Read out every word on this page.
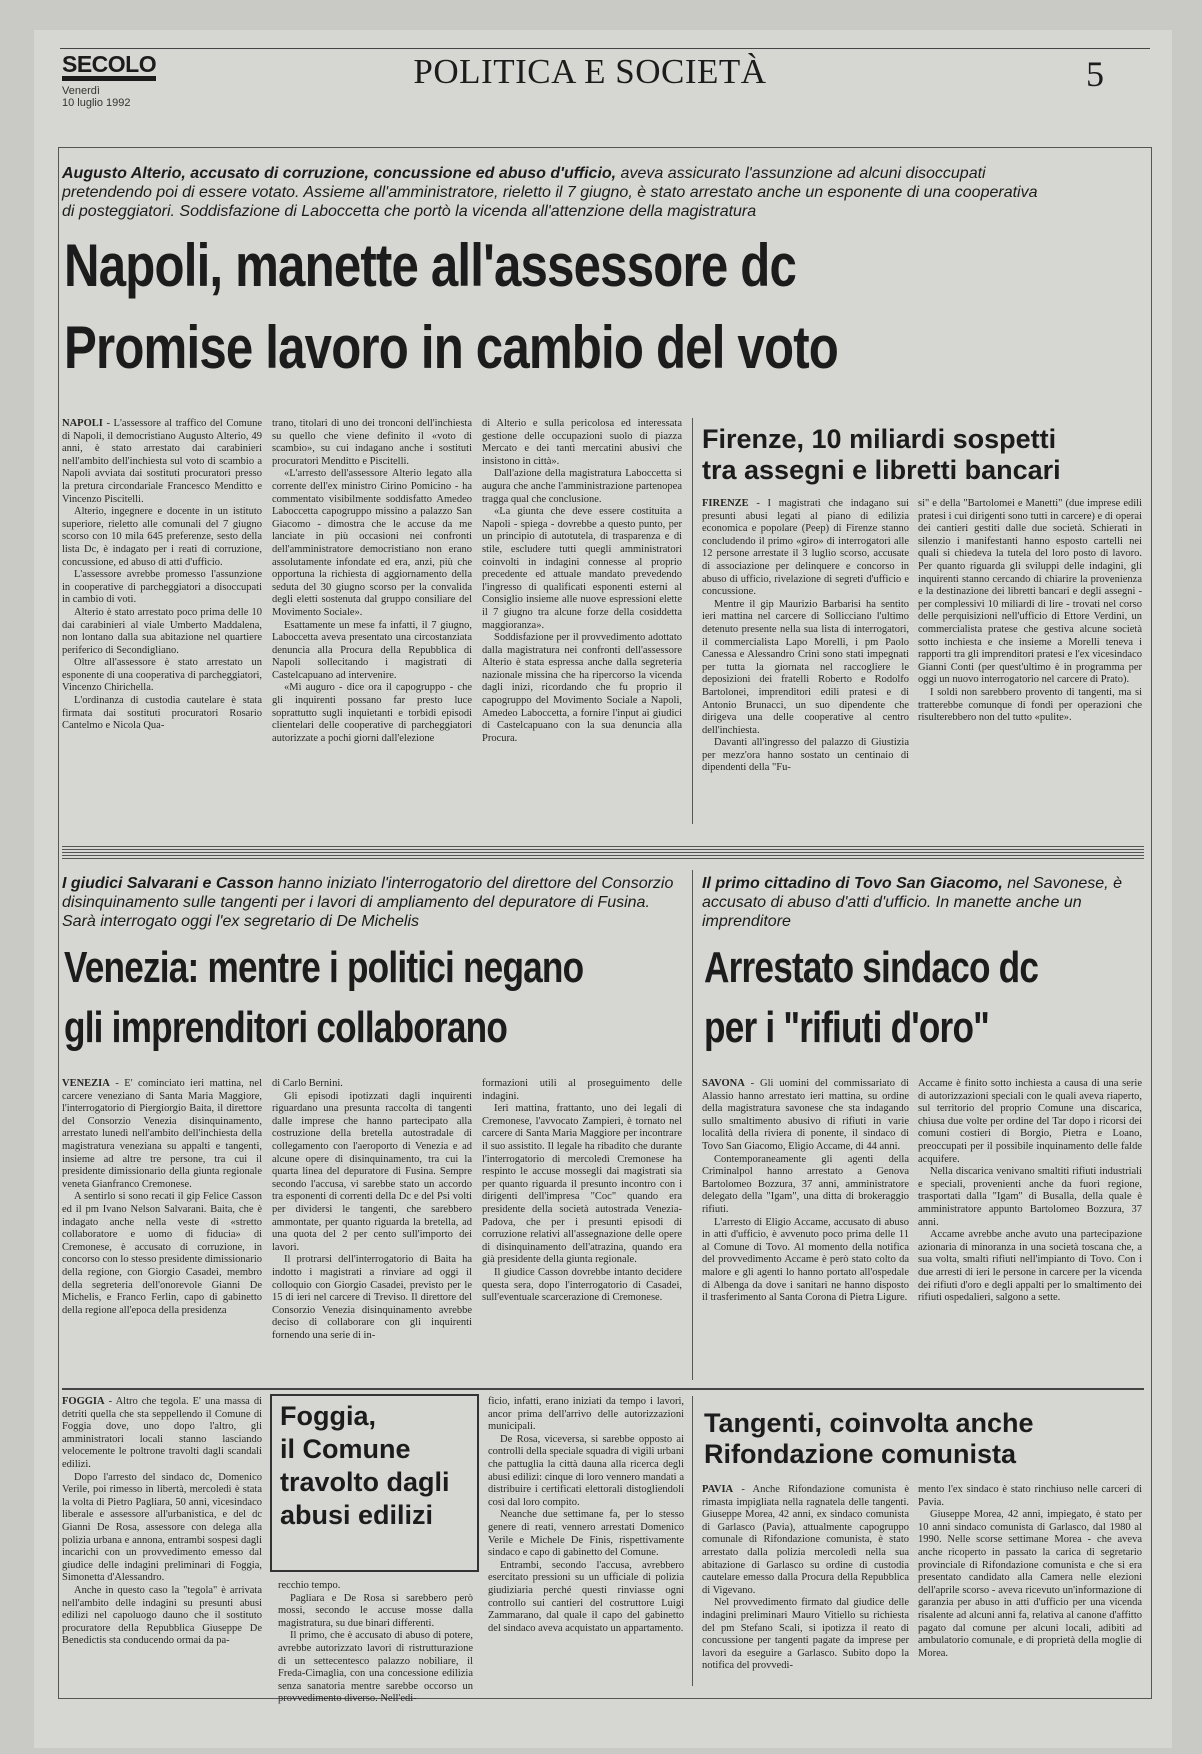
SECOLO
Venerdì
10 luglio 1992
POLITICA E SOCIETÀ	5
Augusto Alterio, accusato di corruzione, concussione ed abuso d'ufficio, aveva assicurato l'assunzione ad alcuni disoccupati pretendendo poi di essere votato. Assieme all'amministratore, rieletto il 7 giugno, è stato arrestato anche un esponente di una cooperativa di posteggiatori. Soddisfazione di Laboccetta che portò la vicenda all'attenzione della magistratura
Napoli, manette all'assessore dc
Promise lavoro in cambio del voto

NAPOLI - L'assessore al traffico del Comune di Napoli, il democristiano Augusto Alterio, 49 anni, è stato arrestato dai carabinieri nell'ambito dell'inchiesta sul voto di scambio a Napoli avviata dai sostituti procuratori presso la pretura circondariale Francesco Menditto e Vincenzo Piscitelli.

Alterio, ingegnere e docente in un istituto superiore, rieletto alle comunali del 7 giugno scorso con 10 mila 645 preferenze, sesto della lista Dc, è indagato per i reati di corruzione, concussione, ed abuso di atti d'ufficio.

L'assessore avrebbe promesso l'assunzione in cooperative di parcheggiatori a disoccupati in cambio di voti.

Alterio è stato arrestato poco prima delle 10 dai carabinieri al viale Umberto Maddalena, non lontano dalla sua abitazione nel quartiere periferico di Secondigliano.

Oltre all'assessore è stato arrestato un esponente di una cooperativa di parcheggiatori, Vincenzo Chirichella.

L'ordinanza di custodia cautelare è stata firmata dai sostituti procuratori Rosario Cantelmo e Nicola Qua-

trano, titolari di uno dei tronconi dell'inchiesta su quello che viene definito il «voto di scambio», su cui indagano anche i sostituti procuratori Menditto e Piscitelli.

«L'arresto dell'assessore Alterio legato alla corrente dell'ex ministro Cirino Pomicino - ha commentato visibilmente soddisfatto Amedeo Laboccetta capogruppo missino a palazzo San Giacomo - dimostra che le accuse da me lanciate in più occasioni nei confronti dell'amministratore democristiano non erano assolutamente infondate ed era, anzi, più che opportuna la richiesta di aggiornamento della seduta del 30 giugno scorso per la convalida degli eletti sostenuta dal gruppo consiliare del Movimento Sociale».

Esattamente un mese fa infatti, il 7 giugno, Laboccetta aveva presentato una circostanziata denuncia alla Procura della Repubblica di Napoli sollecitando i magistrati di Castelcapuano ad intervenire.

«Mi auguro - dice ora il capogruppo - che gli inquirenti possano far presto luce soprattutto sugli inquietanti e torbidi episodi clientelari delle cooperative di parcheggiatori autorizzate a pochi giorni dall'elezione

di Alterio e sulla pericolosa ed interessata gestione delle occupazioni suolo di piazza Mercato e dei tanti mercatini abusivi che insistono in città».

Dall'azione della magistratura Laboccetta si augura che anche l'amministrazione partenopea tragga qual che conclusione.

«La giunta che deve essere costituita a Napoli - spiega - dovrebbe a questo punto, per un principio di autotutela, di trasparenza e di stile, escludere tutti quegli amministratori coinvolti in indagini connesse al proprio precedente ed attuale mandato prevedendo l'ingresso di qualificati esponenti esterni al Consiglio insieme alle nuove espressioni elette il 7 giugno tra alcune forze della cosiddetta maggioranza».

Soddisfazione per il provvedimento adottato dalla magistratura nei confronti dell'assessore Alterio è stata espressa anche dalla segreteria nazionale missina che ha ripercorso la vicenda dagli inizi, ricordando che fu proprio il capogruppo del Movimento Sociale a Napoli, Amedeo Laboccetta, a fornire l'input ai giudici di Castelcapuano con la sua denuncia alla Procura.

Firenze, 10 miliardi sospetti
tra assegni e libretti bancari

FIRENZE - I magistrati che indagano sui presunti abusi legati al piano di edilizia economica e popolare (Peep) di Firenze stanno concludendo il primo «giro» di interrogatori alle 12 persone arrestate il 3 luglio scorso, accusate di associazione per delinquere e concorso in abuso di ufficio, rivelazione di segreti d'ufficio e concussione.

Mentre il gip Maurizio Barbarisi ha sentito ieri mattina nel carcere di Sollicciano l'ultimo detenuto presente nella sua lista di interrogatori, il commercialista Lapo Morelli, i pm Paolo Canessa e Alessandro Crini sono stati impegnati per tutta la giornata nel raccogliere le deposizioni dei fratelli Roberto e Rodolfo Bartolonei, imprenditori edili pratesi e di Antonio Brunacci, un suo dipendente che dirigeva una delle cooperative al centro dell'inchiesta.

Davanti all'ingresso del palazzo di Giustizia per mezz'ora hanno sostato un centinaio di dipendenti della "Fu-

si" e della "Bartolomei e Manetti" (due imprese edili pratesi i cui dirigenti sono tutti in carcere) e di operai dei cantieri gestiti dalle due società. Schierati in silenzio i manifestanti hanno esposto cartelli nei quali si chiedeva la tutela del loro posto di lavoro. Per quanto riguarda gli sviluppi delle indagini, gli inquirenti stanno cercando di chiarire la provenienza e la destinazione dei libretti bancari e degli assegni - per complessivi 10 miliardi di lire - trovati nel corso delle perquisizioni nell'ufficio di Ettore Verdini, un commercialista pratese che gestiva alcune società sotto inchiesta e che insieme a Morelli teneva i rapporti tra gli imprenditori pratesi e l'ex vicesindaco Gianni Conti (per quest'ultimo è in programma per oggi un nuovo interrogatorio nel carcere di Prato).

I soldi non sarebbero provento di tangenti, ma si tratterebbe comunque di fondi per operazioni che risulterebbero non del tutto «pulite».

I giudici Salvarani e Casson hanno iniziato l'interrogatorio del direttore del Consorzio disinquinamento sulle tangenti per i lavori di ampliamento del depuratore di Fusina. Sarà interrogato oggi l'ex segretario di De Michelis
Venezia: mentre i politici negano
gli imprenditori collaborano

VENEZIA - E' cominciato ieri mattina, nel carcere veneziano di Santa Maria Maggiore, l'interrogatorio di Piergiorgio Baita, il direttore del Consorzio Venezia disinquinamento, arrestato lunedì nell'ambito dell'inchiesta della magistratura veneziana su appalti e tangenti, insieme ad altre tre persone, tra cui il presidente dimissionario della giunta regionale veneta Gianfranco Cremonese.

A sentirlo si sono recati il gip Felice Casson ed il pm Ivano Nelson Salvarani. Baita, che è indagato anche nella veste di «stretto collaboratore e uomo di fiducia» di Cremonese, è accusato di corruzione, in concorso con lo stesso presidente dimissionario della regione, con Giorgio Casadei, membro della segreteria dell'onorevole Gianni De Michelis, e Franco Ferlin, capo di gabinetto della regione all'epoca della presidenza

di Carlo Bernini.

Gli episodi ipotizzati dagli inquirenti riguardano una presunta raccolta di tangenti dalle imprese che hanno partecipato alla costruzione della bretella autostradale di collegamento con l'aeroporto di Venezia e ad alcune opere di disinquinamento, tra cui la quarta linea del depuratore di Fusina. Sempre secondo l'accusa, vi sarebbe stato un accordo tra esponenti di correnti della Dc e del Psi volti per dividersi le tangenti, che sarebbero ammontate, per quanto riguarda la bretella, ad una quota del 2 per cento sull'importo dei lavori.

Il protrarsi dell'interrogatorio di Baita ha indotto i magistrati a rinviare ad oggi il colloquio con Giorgio Casadei, previsto per le 15 di ieri nel carcere di Treviso. Il direttore del Consorzio Venezia disinquinamento avrebbe deciso di collaborare con gli inquirenti fornendo una serie di in-

formazioni utili al proseguimento delle indagini.

Ieri mattina, frattanto, uno dei legali di Cremonese, l'avvocato Zampieri, è tornato nel carcere di Santa Maria Maggiore per incontrare il suo assistito. Il legale ha ribadito che durante l'interrogatorio di mercoledì Cremonese ha respinto le accuse mossegli dai magistrati sia per quanto riguarda il presunto incontro con i dirigenti dell'impresa "Coc" quando era presidente della società autostrada Venezia-Padova, che per i presunti episodi di corruzione relativi all'assegnazione delle opere di disinquinamento dell'atrazina, quando era già presidente della giunta regionale.

Il giudice Casson dovrebbe intanto decidere questa sera, dopo l'interrogatorio di Casadei, sull'eventuale scarcerazione di Cremonese.

Il primo cittadino di Tovo San Giacomo, nel Savonese, è accusato di abuso d'atti d'ufficio. In manette anche un imprenditore
Arrestato sindaco dc
per i "rifiuti d'oro"

SAVONA - Gli uomini del commissariato di Alassio hanno arrestato ieri mattina, su ordine della magistratura savonese che sta indagando sullo smaltimento abusivo di rifiuti in varie località della riviera di ponente, il sindaco di Tovo San Giacomo, Eligio Accame, di 44 anni.

Contemporaneamente gli agenti della Criminalpol hanno arrestato a Genova Bartolomeo Bozzura, 37 anni, amministratore delegato della "Igam", una ditta di brokeraggio rifiuti.

L'arresto di Eligio Accame, accusato di abuso in atti d'ufficio, è avvenuto poco prima delle 11 al Comune di Tovo. Al momento della notifica del provvedimento Accame è però stato colto da malore e gli agenti lo hanno portato all'ospedale di Albenga da dove i sanitari ne hanno disposto il trasferimento al Santa Corona di Pietra Ligure.

Accame è finito sotto inchiesta a causa di una serie di autorizzazioni speciali con le quali aveva riaperto, sul territorio del proprio Comune una discarica, chiusa due volte per ordine del Tar dopo i ricorsi dei comuni costieri di Borgio, Pietra e Loano, preoccupati per il possibile inquinamento delle falde acquifere.

Nella discarica venivano smaltiti rifiuti industriali e speciali, provenienti anche da fuori regione, trasportati dalla "Igam" di Busalla, della quale è amministratore appunto Bartolomeo Bozzura, 37 anni.

Accame avrebbe anche avuto una partecipazione azionaria di minoranza in una società toscana che, a sua volta, smaltì rifiuti nell'impianto di Tovo. Con i due arresti di ieri le persone in carcere per la vicenda dei rifiuti d'oro e degli appalti per lo smaltimento dei rifiuti ospedalieri, salgono a sette.

FOGGIA - Altro che tegola. E' una massa di detriti quella che sta seppellendo il Comune di Foggia dove, uno dopo l'altro, gli amministratori locali stanno lasciando velocemente le poltrone travolti dagli scandali edilizi.

Dopo l'arresto del sindaco dc, Domenico Verile, poi rimesso in libertà, mercoledì è stata la volta di Pietro Pagliara, 50 anni, vicesindaco liberale e assessore all'urbanistica, e del dc Gianni De Rosa, assessore con delega alla polizia urbana e annona, entrambi sospesi dagli incarichi con un provvedimento emesso dal giudice delle indagini preliminari di Foggia, Simonetta d'Alessandro.

Anche in questo caso la "tegola" è arrivata nell'ambito delle indagini su presunti abusi edilizi nel capoluogo dauno che il sostituto procuratore della Repubblica Giuseppe De Benedictis sta conducendo ormai da pa-

Foggia,
il Comune
travolto dagli
abusi edilizi

recchio tempo.

Pagliara e De Rosa si sarebbero però mossi, secondo le accuse mosse dalla magistratura, su due binari differenti.

Il primo, che è accusato di abuso di potere, avrebbe autorizzato lavori di ristrutturazione di un settecentesco palazzo nobiliare, il Freda-Cimaglia, con una concessione edilizia senza sanatoria mentre sarebbe occorso un provvedimento diverso. Nell'edi-

ficio, infatti, erano iniziati da tempo i lavori, ancor prima dell'arrivo delle autorizzazioni municipali.

De Rosa, viceversa, si sarebbe opposto ai controlli della speciale squadra di vigili urbani che pattuglia la città dauna alla ricerca degli abusi edilizi: cinque di loro vennero mandati a distribuire i certificati elettorali distogliendoli così dal loro compito.

Neanche due settimane fa, per lo stesso genere di reati, vennero arrestati Domenico Verile e Michele De Finis, rispettivamente sindaco e capo di gabinetto del Comune.

Entrambi, secondo l'accusa, avrebbero esercitato pressioni su un ufficiale di polizia giudiziaria perché questi rinviasse ogni controllo sui cantieri del costruttore Luigi Zammarano, dal quale il capo del gabinetto del sindaco aveva acquistato un appartamento.

Tangenti, coinvolta anche
Rifondazione comunista

PAVIA - Anche Rifondazione comunista è rimasta impigliata nella ragnatela delle tangenti. Giuseppe Morea, 42 anni, ex sindaco comunista di Garlasco (Pavia), attualmente capogruppo comunale di Rifondazione comunista, è stato arrestato dalla polizia mercoledì nella sua abitazione di Garlasco su ordine di custodia cautelare emesso dalla Procura della Repubblica di Vigevano.

Nel provvedimento firmato dal giudice delle indagini preliminari Mauro Vitiello su richiesta del pm Stefano Scali, si ipotizza il reato di concussione per tangenti pagate da imprese per lavori da eseguire a Garlasco. Subito dopo la notifica del provvedi-

mento l'ex sindaco è stato rinchiuso nelle carceri di Pavia.

Giuseppe Morea, 42 anni, impiegato, è stato per 10 anni sindaco comunista di Garlasco, dal 1980 al 1990. Nelle scorse settimane Morea - che aveva anche ricoperto in passato la carica di segretario provinciale di Rifondazione comunista e che si era presentato candidato alla Camera nelle elezioni dell'aprile scorso - aveva ricevuto un'informazione di garanzia per abuso in atti d'ufficio per una vicenda risalente ad alcuni anni fa, relativa al canone d'affitto pagato dal comune per alcuni locali, adibiti ad ambulatorio comunale, e di proprietà della moglie di Morea.
